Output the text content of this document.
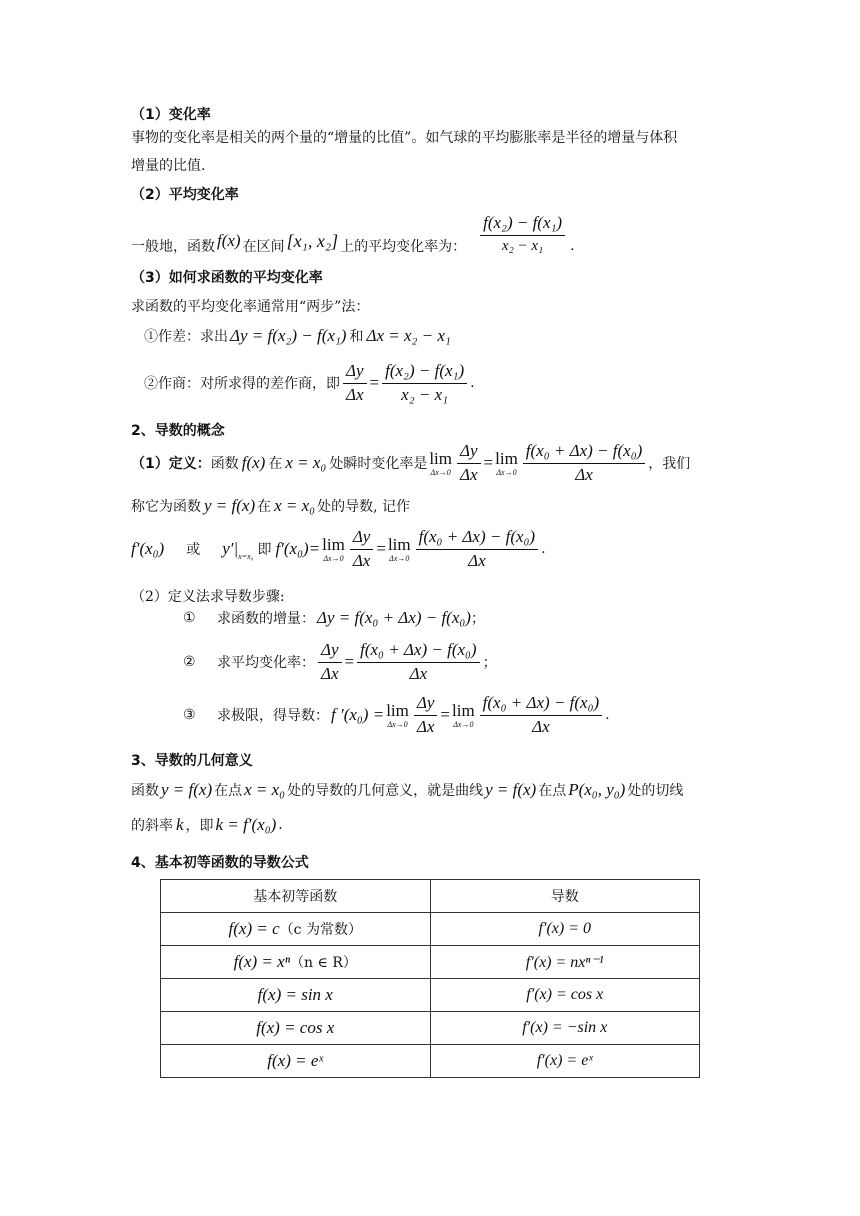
（1）变化率
事物的变化率是相关的两个量的“增量的比值”。如气球的平均膨胀率是半径的增量与体积
增量的比值.
（2）平均变化率
一般地，函数 f(x) 在区间 [x₁, x₂] 上的平均变化率为： $\frac{\text{f(x₂) − f(x₁)}}{\text{x₂ − x₁}}$ .
（3）如何求函数的平均变化率
求函数的平均变化率通常用“两步”法：
①作差：求出 Δy = f(x₂) − f(x₁) 和 Δx = x₂ − x₁
②作商：对所求得的差作商，即 $\frac{\Delta y}{\Delta x} = \frac{\text{f(x₂) − f(x₁)}}{\text{x₂ − x₁}}$ .
2、导数的概念
（1）定义： 函数 f(x) 在 x = x₀ 处瞬时变化率是 lim
$\Delta x\to 0 \frac{\Delta y}{\Delta x} = \lim$
$\Delta x\to 0 \frac{\text{f(x₀ + Δx) − f(x₀)}}{\Delta x}$ ，我们
称它为函数 y = f(x) 在 x = x₀ 处的导数, 记作
f′(x₀) 或 y′| x=x₀ 即 f′(x₀)= lim
$\Delta x\to 0 \frac{\Delta y}{\Delta x} = \lim$
$\Delta x\to 0 \frac{\text{f(x₀ + Δx) − f(x₀)}}{\Delta x}$ .
（2）定义法求导数步骤:
①	求函数的增量： Δy = f(x₀ + Δx) − f(x₀) ；
②	求平均变化率： $\frac{\Delta y}{\Delta x} = \frac{\text{f(x₀ + Δx) − f(x₀)}}{\Delta x}$ ；
③	求极限，得导数： f ′(x₀) = lim
$\Delta x\to 0 \frac{\Delta y}{\Delta x} = \lim$
$\Delta x\to 0 \frac{\text{f(x₀ + Δx) − f(x₀)}}{\Delta x}$ .
3、导数的几何意义
函数 y = f(x) 在点 x = x₀ 处的导数的几何意义，就是曲线 y = f(x) 在点 P(x₀, y₀) 处的切线
的斜率 k ，即 k = f′(x₀) .
4、基本初等函数的导数公式
基本初等函数	导数
f(x) = c（c 为常数）	f′(x) = 0
f(x) = xⁿ（n ∈ R）	f′(x) = nxⁿ⁻¹
f(x) = sin x	f′(x) = cos x
f(x) = cos x	f′(x) = −sin x
f(x) = eˣ	f′(x) = eˣ
